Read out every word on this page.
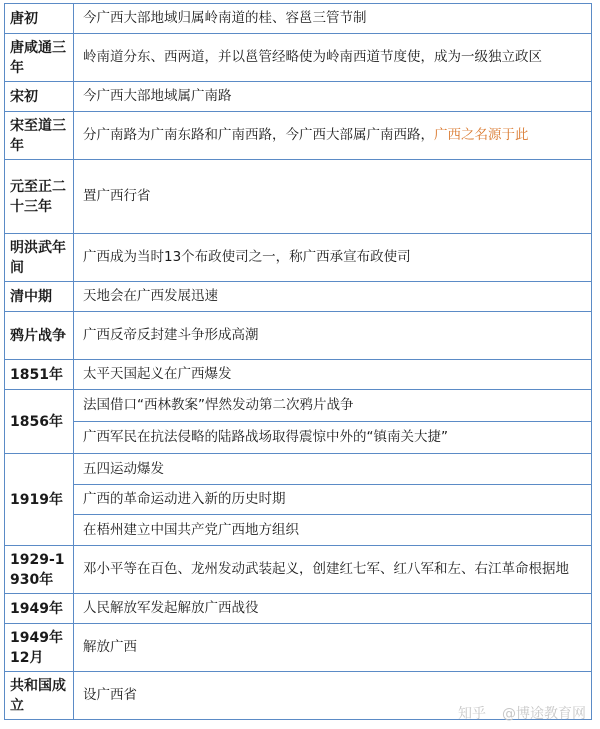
唐初	今广西大部地域归属岭南道的桂、容邕三管节制
唐咸通三年	岭南道分东、西两道，并以邕管经略使为岭南西道节度使，成为一级独立政区
宋初	今广西大部地域属广南路
宋至道三年	分广南路为广南东路和广南西路，今广西大部属广南西路，广西之名源于此
元至正二十三年	置广西行省
明洪武年间	广西成为当时13个布政使司之一，称广西承宣布政使司
清中期	天地会在广西发展迅速
鸦片战争	广西反帝反封建斗争形成高潮
1851年	太平天国起义在广西爆发
1856年	法国借口“西林教案”悍然发动第二次鸦片战争
	广西军民在抗法侵略的陆路战场取得震惊中外的“镇南关大捷”
1919年	五四运动爆发
	广西的革命运动进入新的历史时期
	在梧州建立中国共产党广西地方组织
1929-1930年	邓小平等在百色、龙州发动武装起义，创建红七军、红八军和左、右江革命根据地
1949年	人民解放军发起解放广西战役
1949年12月	解放广西
共和国成立	设广西省
知乎 @博途教育网
